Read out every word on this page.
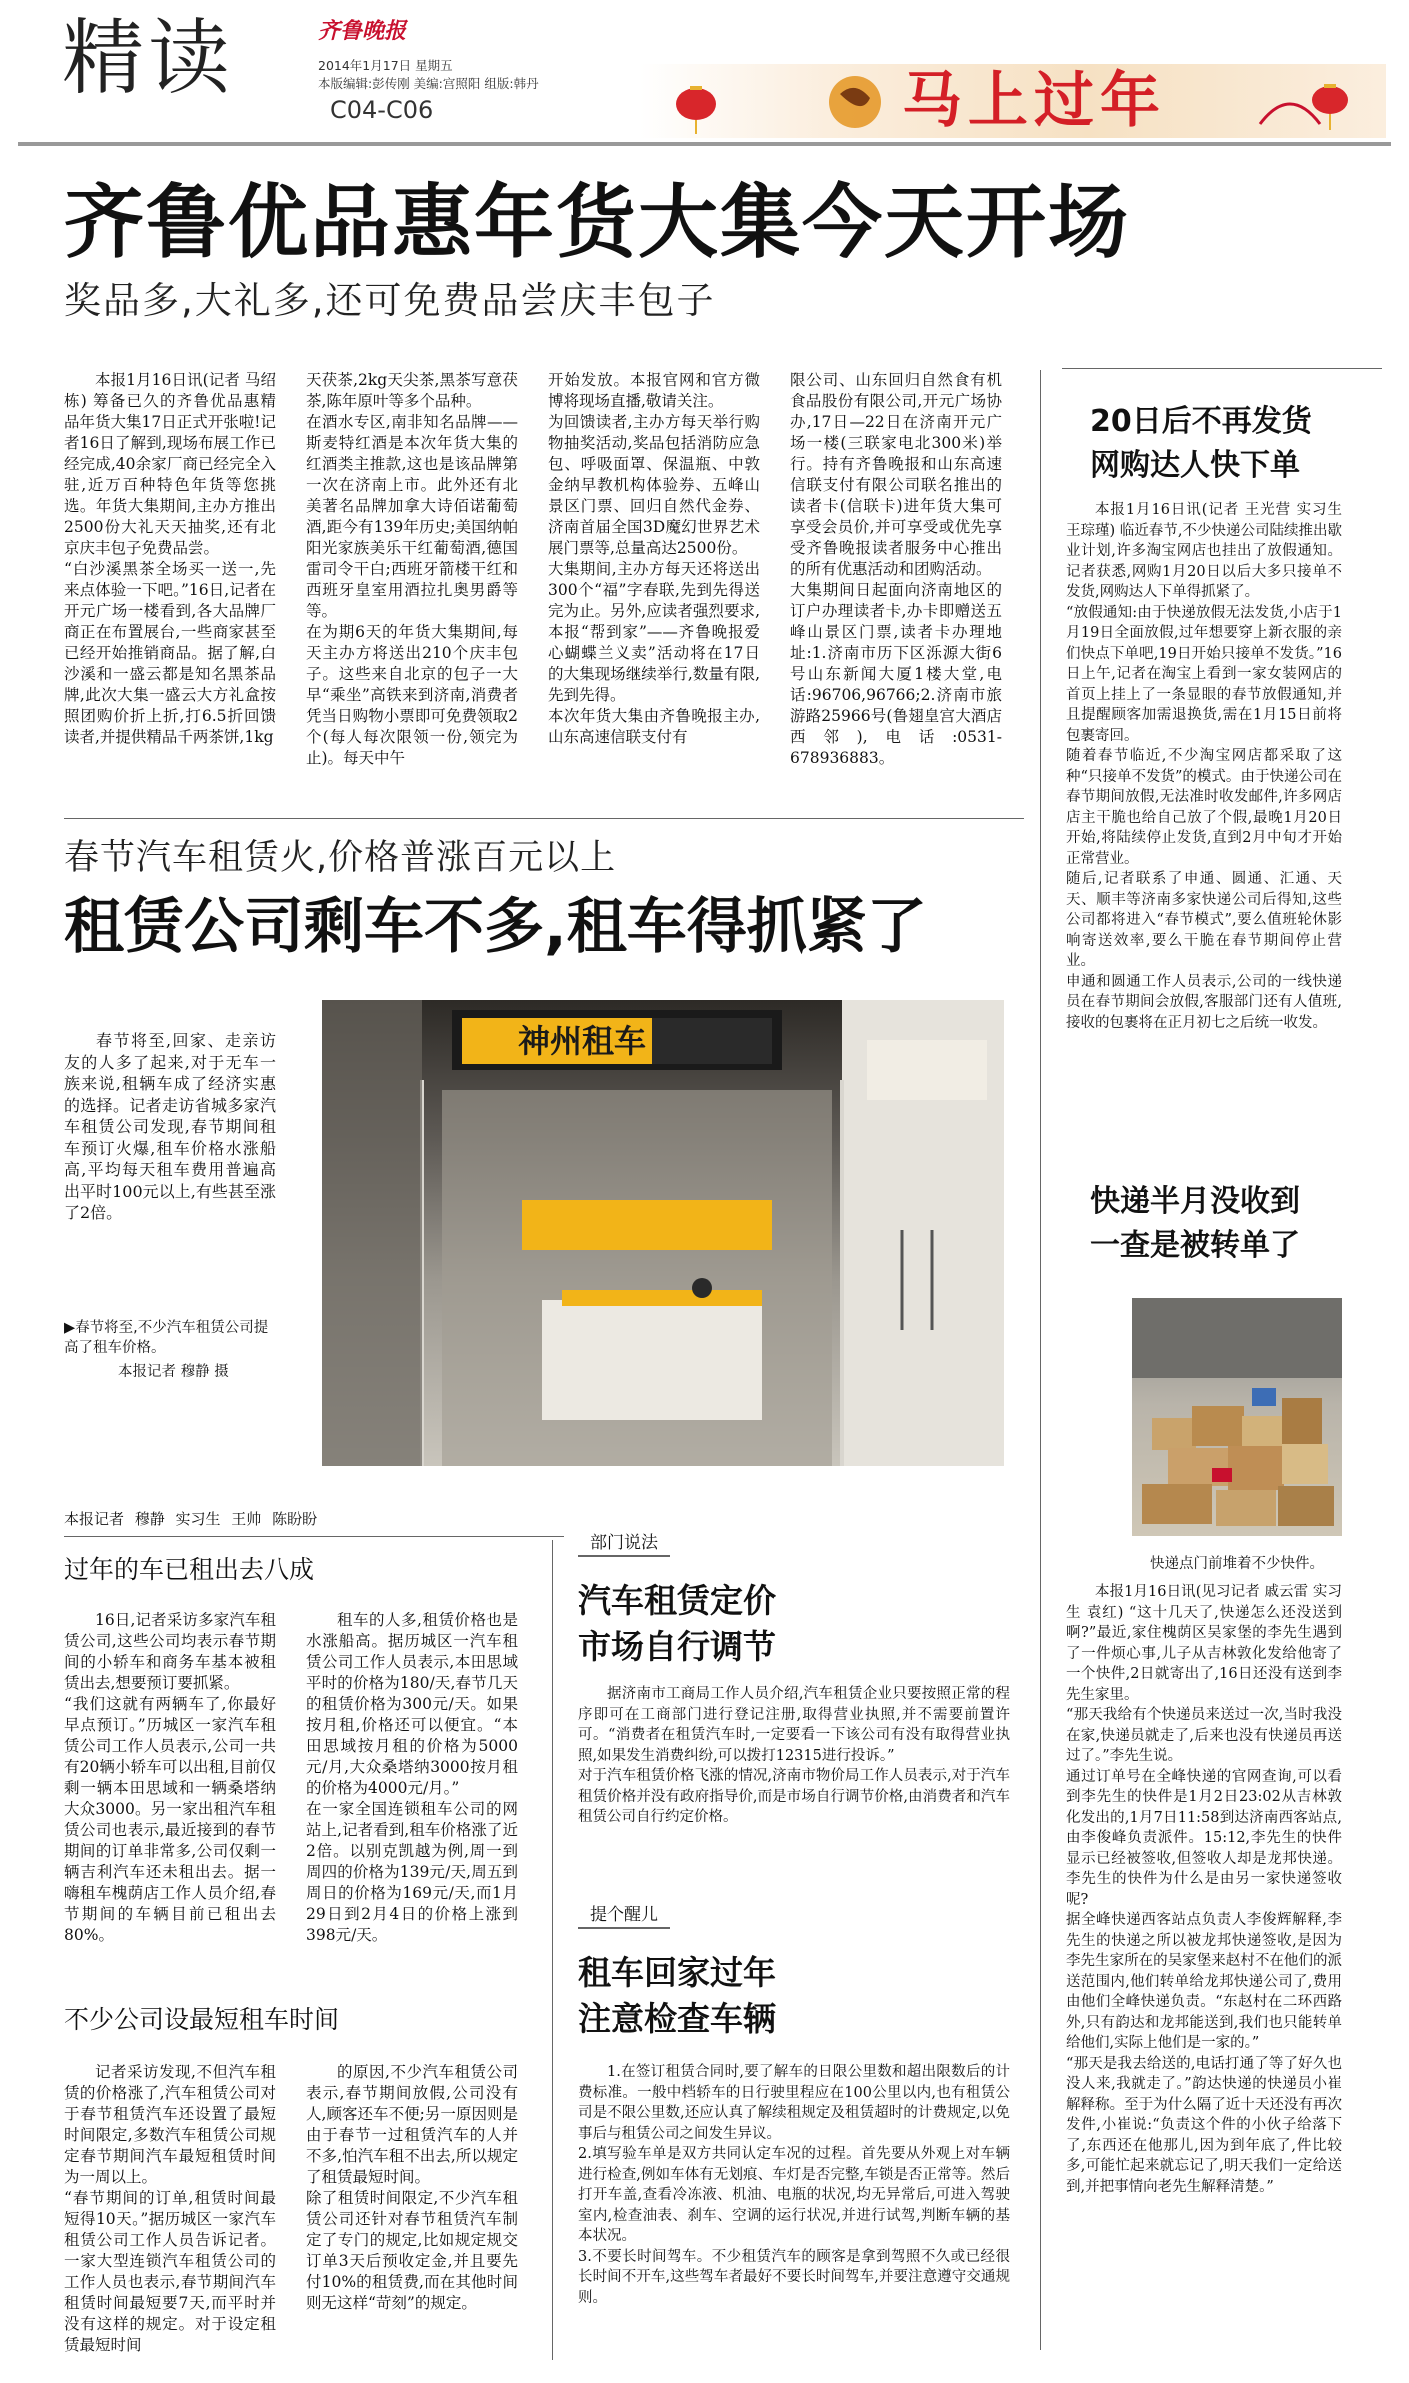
精读	齐鲁晚报
2014年1月17日 星期五
本版编辑:彭传刚 美编:宫照阳 组版:韩丹
C04-C06	马上过年
齐鲁优品惠年货大集今天开场
奖品多,大礼多,还可免费品尝庆丰包子

本报1月16日讯(记者 马绍栋) 筹备已久的齐鲁优品惠精品年货大集17日正式开张啦!记者16日了解到,现场布展工作已经完成,40余家厂商已经完全入驻,近万百种特色年货等您挑选。年货大集期间,主办方推出2500份大礼天天抽奖,还有北京庆丰包子免费品尝。
“白沙溪黑茶全场买一送一,先来点体验一下吧。”16日,记者在开元广场一楼看到,各大品牌厂商正在布置展台,一些商家甚至已经开始推销商品。据了解,白沙溪和一盛云都是知名黑茶品牌,此次大集一盛云大方礼盒按照团购价折上折,打6.5折回馈读者,并提供精品千两茶饼,1kg

天茯茶,2kg天尖茶,黑茶写意茯茶,陈年原叶等多个品种。
在酒水专区,南非知名品牌——斯麦特红酒是本次年货大集的红酒类主推款,这也是该品牌第一次在济南上市。此外还有北美著名品牌加拿大诗佰诺葡萄酒,距今有139年历史;美国纳帕阳光家族美乐干红葡萄酒,德国雷司令干白;西班牙箭楼干红和西班牙皇室用酒拉扎奥男爵等等。
在为期6天的年货大集期间,每天主办方将送出210个庆丰包子。这些来自北京的包子一大早“乘坐”高铁来到济南,消费者凭当日购物小票即可免费领取2个(每人每次限领一份,领完为止)。每天中午

开始发放。本报官网和官方微博将现场直播,敬请关注。
为回馈读者,主办方每天举行购物抽奖活动,奖品包括消防应急包、呼吸面罩、保温瓶、中敦金纳早教机构体验券、五峰山景区门票、回归自然代金券、济南首届全国3D魔幻世界艺术展门票等,总量高达2500份。
大集期间,主办方每天还将送出300个“福”字春联,先到先得送完为止。另外,应读者强烈要求,本报“帮到家”——齐鲁晚报爱心蝴蝶兰义卖”活动将在17日的大集现场继续举行,数量有限,先到先得。
本次年货大集由齐鲁晚报主办,山东高速信联支付有

限公司、山东回归自然食有机食品股份有限公司,开元广场协办,17日—22日在济南开元广场一楼(三联家电北300米)举行。持有齐鲁晚报和山东高速信联支付有限公司联名推出的读者卡(信联卡)进年货大集可享受会员价,并可享受或优先享受齐鲁晚报读者服务中心推出的所有优惠活动和团购活动。
大集期间日起面向济南地区的订户办理读者卡,办卡即赠送五峰山景区门票,读者卡办理地址:1.济南市历下区泺源大街6号山东新闻大厦1楼大堂,电话:96706,96766;2.济南市旅游路25966号(鲁翅皇宫大酒店西邻),电话:0531-678936883。

20日后不再发货
网购达人快下单

本报1月16日讯(记者 王光营 实习生 王琮瑾) 临近春节,不少快递公司陆续推出歇业计划,许多淘宝网店也挂出了放假通知。记者获悉,网购1月20日以后大多只接单不发货,网购达人下单得抓紧了。
“放假通知:由于快递放假无法发货,小店于1月19日全面放假,过年想要穿上新衣服的亲们快点下单吧,19日开始只接单不发货。”16日上午,记者在淘宝上看到一家女装网店的首页上挂上了一条显眼的春节放假通知,并且提醒顾客加需退换货,需在1月15日前将包裹寄回。
随着春节临近,不少淘宝网店都采取了这种“只接单不发货”的模式。由于快递公司在春节期间放假,无法准时收发邮件,许多网店店主干脆也给自己放了个假,最晚1月20日开始,将陆续停止发货,直到2月中旬才开始正常营业。
随后,记者联系了申通、圆通、汇通、天天、顺丰等济南多家快递公司后得知,这些公司都将进入“春节模式”,要么值班轮休影响寄送效率,要么干脆在春节期间停止营业。
申通和圆通工作人员表示,公司的一线快递员在春节期间会放假,客服部门还有人值班,接收的包裹将在正月初七之后统一收发。

快递半月没收到
一查是被转单了
快递点门前堆着不少快件。

本报1月16日讯(见习记者 戚云雷 实习生 袁红) “这十几天了,快递怎么还没送到啊?”最近,家住槐荫区吴家堡的李先生遇到了一件烦心事,儿子从吉林敦化发给他寄了一个快件,2日就寄出了,16日还没有送到李先生家里。
“那天我给有个快递员来送过一次,当时我没在家,快递员就走了,后来也没有快递员再送过了。”李先生说。
通过订单号在全峰快递的官网查询,可以看到李先生的快件是1月2日23:02从吉林敦化发出的,1月7日11:58到达济南西客站点,由李俊峰负责派件。15:12,李先生的快件显示已经被签收,但签收人却是龙邦快递。李先生的快件为什么是由另一家快递签收呢?
据全峰快递西客站点负责人李俊辉解释,李先生的快递之所以被龙邦快递签收,是因为李先生家所在的吴家堡来赵村不在他们的派送范围内,他们转单给龙邦快递公司了,费用由他们全峰快递负责。“东赵村在二环西路外,只有韵达和龙邦能送到,我们也只能转单给他们,实际上他们是一家的。”
“那天是我去给送的,电话打通了等了好久也没人来,我就走了。”韵达快递的快递员小崔解释称。至于为什么隔了近十天还没有再次发件,小崔说:“负责这个件的小伙子给落下了,东西还在他那儿,因为到年底了,件比较多,可能忙起来就忘记了,明天我们一定给送到,并把事情向老先生解释清楚。”

春节汽车租赁火,价格普涨百元以上
租赁公司剩车不多,租车得抓紧了

春节将至,回家、走亲访友的人多了起来,对于无车一族来说,租辆车成了经济实惠的选择。记者走访省城多家汽车租赁公司发现,春节期间租车预订火爆,租车价格水涨船高,平均每天租车费用普遍高出平时100元以上,有些甚至涨了2倍。

▶春节将至,不少汽车租赁公司提高了租车价格。
本报记者 穆静 摄
神州租车
本报记者 穆静 实习生 王帅 陈盼盼
过年的车已租出去八成

16日,记者采访多家汽车租赁公司,这些公司均表示春节期间的小轿车和商务车基本被租赁出去,想要预订要抓紧。
“我们这就有两辆车了,你最好早点预订。”历城区一家汽车租赁公司工作人员表示,公司一共有20辆小轿车可以出租,目前仅剩一辆本田思域和一辆桑塔纳大众3000。另一家出租汽车租赁公司也表示,最近接到的春节期间的订单非常多,公司仅剩一辆吉利汽车还未租出去。据一嗨租车槐荫店工作人员介绍,春节期间的车辆目前已租出去80%。

租车的人多,租赁价格也是水涨船高。据历城区一汽车租赁公司工作人员表示,本田思域平时的价格为180/天,春节几天的租赁价格为300元/天。如果按月租,价格还可以便宜。“本田思域按月租的价格为5000元/月,大众桑塔纳3000按月租的价格为4000元/月。”
在一家全国连锁租车公司的网站上,记者看到,租车价格涨了近2倍。以别克凯越为例,周一到周四的价格为139元/天,周五到周日的价格为169元/天,而1月29日到2月4日的价格上涨到398元/天。

不少公司设最短租车时间

记者采访发现,不但汽车租赁的价格涨了,汽车租赁公司对于春节租赁汽车还设置了最短时间限定,多数汽车租赁公司规定春节期间汽车最短租赁时间为一周以上。
“春节期间的订单,租赁时间最短得10天。”据历城区一家汽车租赁公司工作人员告诉记者。一家大型连锁汽车租赁公司的工作人员也表示,春节期间汽车租赁时间最短要7天,而平时并没有这样的规定。对于设定租赁最短时间

的原因,不少汽车租赁公司表示,春节期间放假,公司没有人,顾客还车不便;另一原因则是由于春节一过租赁汽车的人并不多,怕汽车租不出去,所以规定了租赁最短时间。
除了租赁时间限定,不少汽车租赁公司还针对春节租赁汽车制定了专门的规定,比如规定规交订单3天后预收定金,并且要先付10%的租赁费,而在其他时间则无这样“苛刻”的规定。

部门说法
汽车租赁定价
市场自行调节

据济南市工商局工作人员介绍,汽车租赁企业只要按照正常的程序即可在工商部门进行登记注册,取得营业执照,并不需要前置许可。“消费者在租赁汽车时,一定要看一下该公司有没有取得营业执照,如果发生消费纠纷,可以拨打12315进行投诉。”
对于汽车租赁价格飞涨的情况,济南市物价局工作人员表示,对于汽车租赁价格并没有政府指导价,而是市场自行调节价格,由消费者和汽车租赁公司自行约定价格。

提个醒儿
租车回家过年
注意检查车辆

1.在签订租赁合同时,要了解车的日限公里数和超出限数后的计费标准。一般中档轿车的日行驶里程应在100公里以内,也有租赁公司是不限公里数,还应认真了解续租规定及租赁超时的计费规定,以免事后与租赁公司之间发生异议。
2.填写验车单是双方共同认定车况的过程。首先要从外观上对车辆进行检查,例如车体有无划痕、车灯是否完整,车锁是否正常等。然后打开车盖,查看冷冻液、机油、电瓶的状况,均无异常后,可进入驾驶室内,检查油表、刹车、空调的运行状况,并进行试驾,判断车辆的基本状况。
3.不要长时间驾车。不少租赁汽车的顾客是拿到驾照不久或已经很长时间不开车,这些驾车者最好不要长时间驾车,并要注意遵守交通规则。
